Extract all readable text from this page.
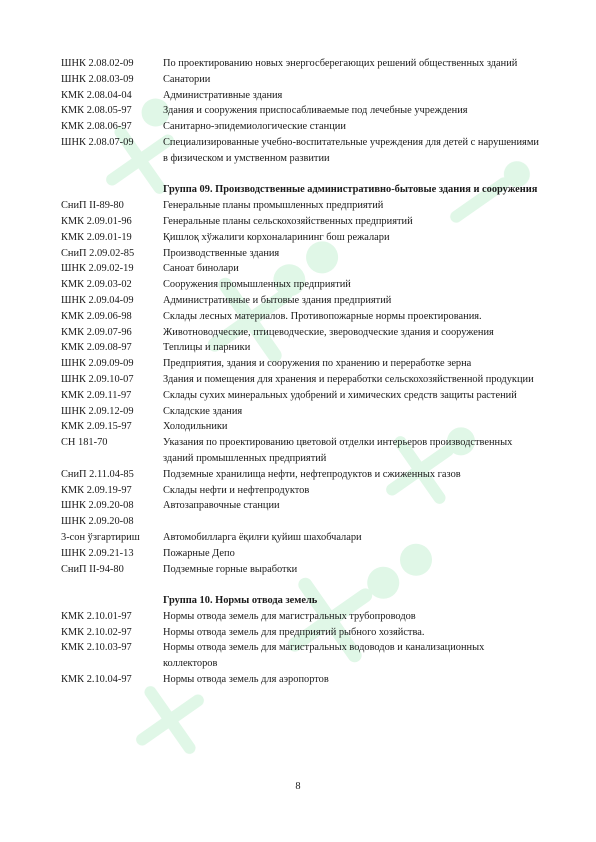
ШНК 2.08.02-09	По проектированию новых энергосберегающих решений общественных зданий
ШНК 2.08.03-09	Санатории
КМК 2.08.04-04	Административные здания
КМК 2.08.05-97	Здания и сооружения приспосабливаемые под лечебные учреждения
КМК 2.08.06-97	Санитарно-эпидемиологические станции
ШНК 2.08.07-09	Специализированные учебно-воспитательные учреждения для детей с нарушениями в физическом и умственном развитии
Группа 09. Производственные административно-бытовые здания и сооружения
СниП II-89-80	Генеральные планы промышленных предприятий
КМК 2.09.01-96	Генеральные планы сельскохозяйственных предприятий
КМК 2.09.01-19	Қишлоқ хўжалиги корхоналарининг бош режалари
СниП 2.09.02-85	Производственные здания
ШНК 2.09.02-19	Саноат бинолари
КМК 2.09.03-02	Сооружения промышленных предприятий
ШНК 2.09.04-09	Административные и бытовые здания предприятий
КМК 2.09.06-98	Склады лесных материалов. Противопожарные нормы проектирования.
КМК 2.09.07-96	Животноводческие, птицеводческие, звероводческие здания и сооружения
КМК 2.09.08-97	Теплицы и парники
ШНК 2.09.09-09	Предприятия, здания и сооружения по хранению и переработке зерна
ШНК 2.09.10-07	Здания и помещения для хранения и переработки сельскохозяйственной продукции
КМК 2.09.11-97	Склады сухих минеральных удобрений и химических средств защиты растений
ШНК 2.09.12-09	Складские здания
КМК 2.09.15-97	Холодильники
СН 181-70	Указания по проектированию цветовой отделки интерьеров производственных зданий промышленных предприятий
СниП 2.11.04-85	Подземные хранилища нефти, нефтепродуктов и сжиженных газов
КМК 2.09.19-97	Склады нефти и нефтепродуктов
ШНК 2.09.20-08	Автозаправочные станции
ШНК 2.09.20-08
3-сон ўзгартириш	Автомобилларга ёқилғи қуйиш шахобчалари
ШНК 2.09.21-13	Пожарные Депо
СниП II-94-80	Подземные горные выработки
Группа 10. Нормы отвода земель
КМК 2.10.01-97	Нормы отвода земель для магистральных трубопроводов
КМК 2.10.02-97	Нормы отвода земель для предприятий рыбного хозяйства.
КМК 2.10.03-97	Нормы отвода земель для магистральных водоводов и канализационных коллекторов
КМК 2.10.04-97	Нормы отвода земель для аэропортов
8
